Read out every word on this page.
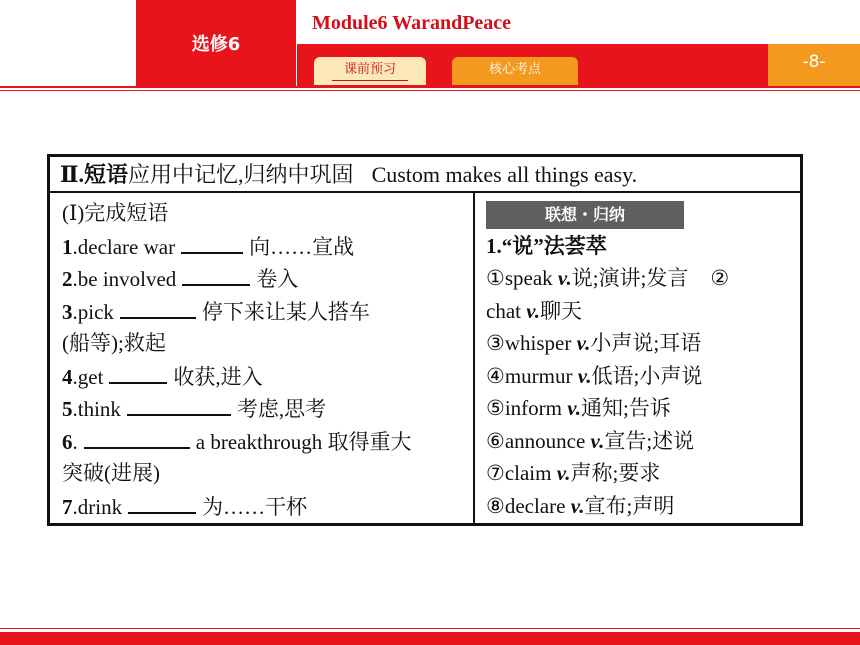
选修6
Module6 WarandPeace
-8-
课前预习	核心考点
Ⅱ.短语应用中记忆,归纳中巩固 Custom makes all things easy.
(Ⅰ)完成短语
1.declare war	向……宣战
2.be involved	卷入
3.pick	停下来让某人搭车
(船等);救起
4.get	收获,进入
5.think	考虑,思考
6.	a breakthrough 取得重大
突破(进展)
7.drink	为……干杯
联想・归纳
1.“说”法荟萃
①speak v.说;演讲;发言 ②
chat v.聊天
③whisper v.小声说;耳语
④murmur v.低语;小声说
⑤inform v.通知;告诉
⑥announce v.宣告;述说
⑦claim v.声称;要求
⑧declare v.宣布;声明
